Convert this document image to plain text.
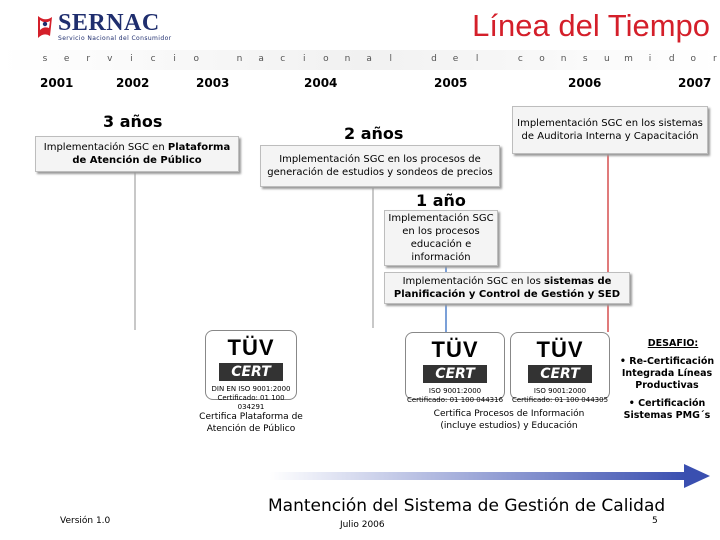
SERNAC
Servicio Nacional del Consumidor	Línea del Tiempo
s e	r	v	i	c	i	o	n a c	i	o n a	l	d e	l	c o n s u m	i	d o	r
2001	2002	2003	2004	2005	2006	2007
3 años
2 años
1 año
Implementación SGC en Plataforma de Atención de Público	Implementación SGC en los procesos de generación de estudios y sondeos de precios
Implementación SGC en los sistemas de Auditoria Interna y Capacitación
Implementación SGC en los procesos educación e información
Implementación SGC en los sistemas de Planificación y Control de Gestión y SED
TÜV
CERT
DIN EN ISO 9001:2000
Certificado: 01 100 034291
TÜV
CERT
ISO 9001:2000
Certificado: 01 100 044316
TÜV
CERT
ISO 9001:2000
Certificado: 01 100 044305
Certifica Plataforma de Atención de Público
Certifica Procesos de Información (incluye estudios) y Educación
DESAFIO:
• Re-Certificación Integrada Líneas Productivas
• Certificación Sistemas PMG´s
Mantención del Sistema de Gestión de Calidad
Versión 1.0	Julio 2006	5
